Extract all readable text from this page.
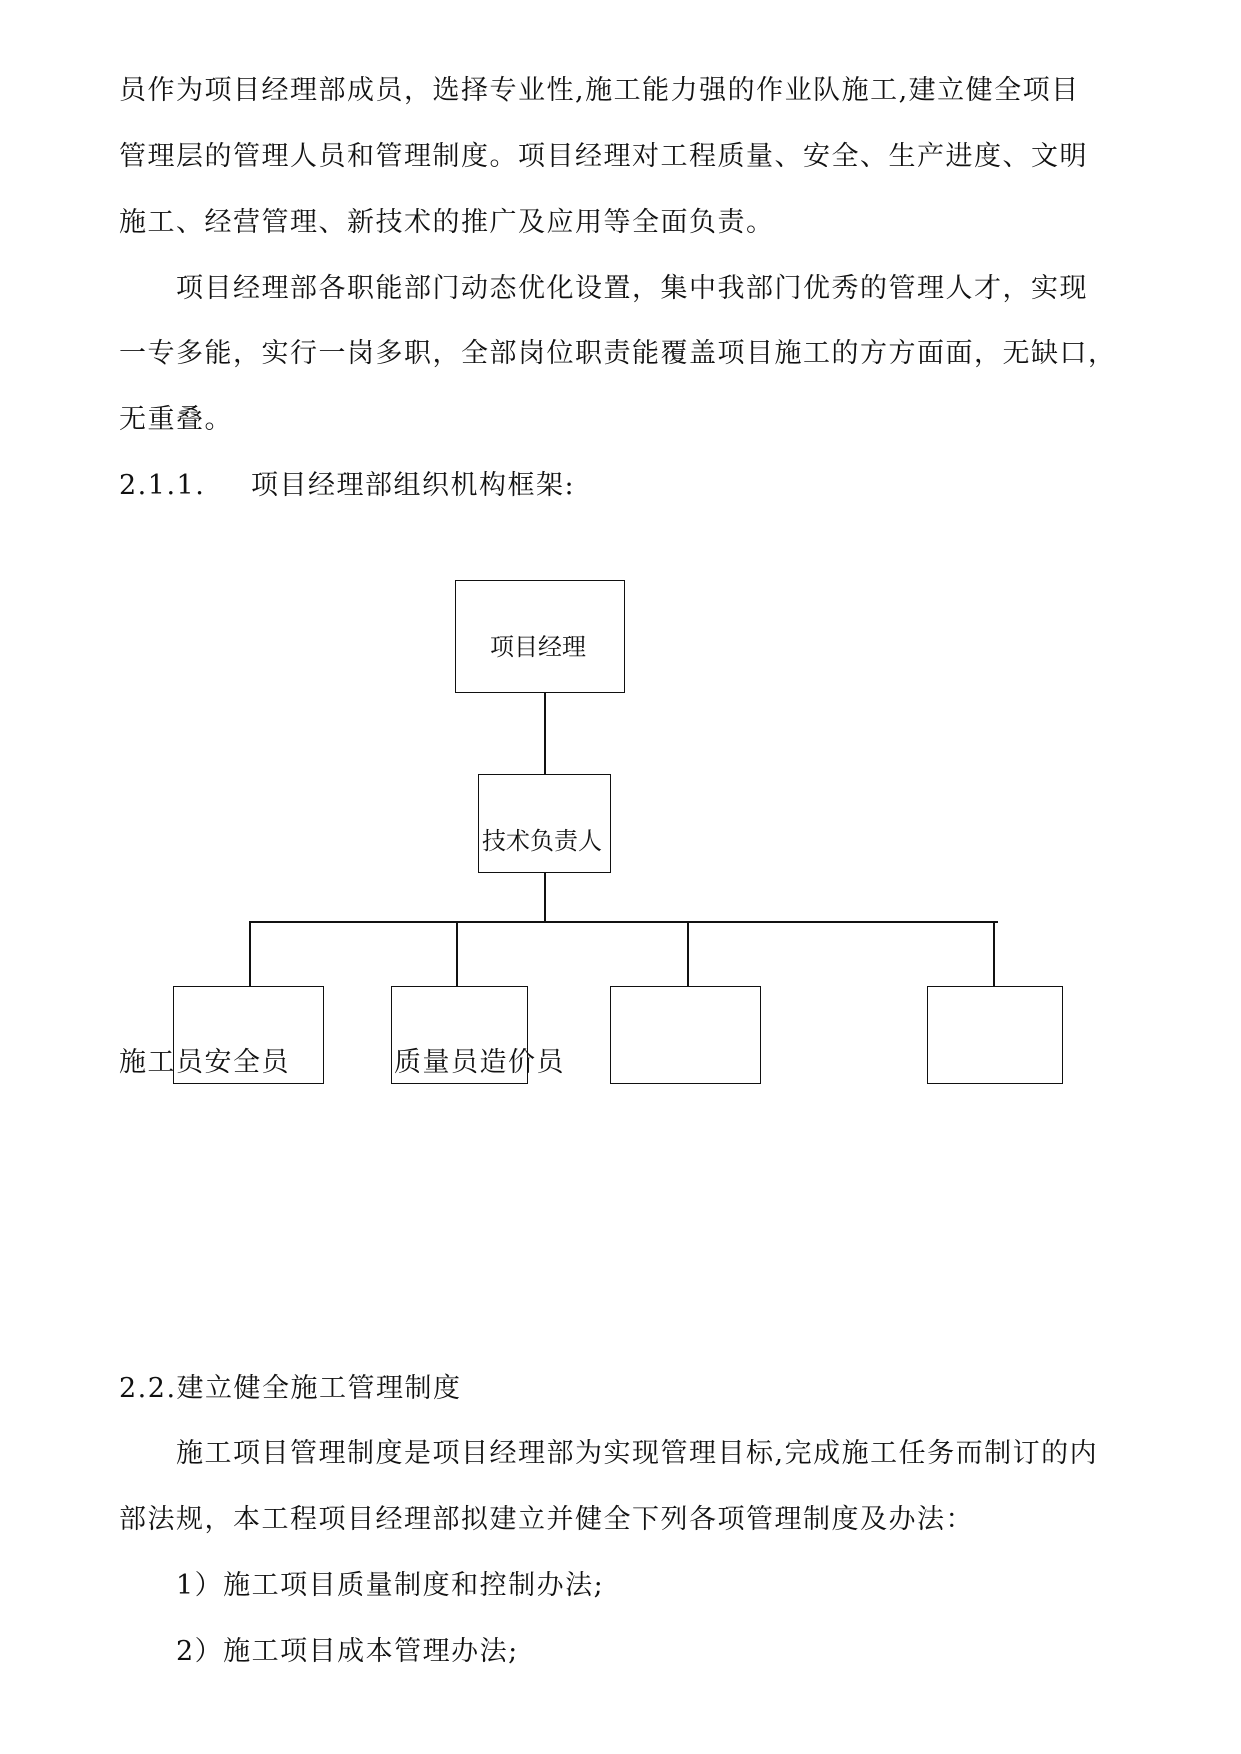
员作为项目经理部成员，选择专业性,施工能力强的作业队施工,建立健全项目
管理层的管理人员和管理制度。项目经理对工程质量、安全、生产进度、文明
施工、经营管理、新技术的推广及应用等全面负责。
项目经理部各职能部门动态优化设置，集中我部门优秀的管理人才，实现
一专多能，实行一岗多职，全部岗位职责能覆盖项目施工的方方面面，无缺口，
无重叠。
2.1.1. 项目经理部组织机构框架:
项目经理
技术负责人
施工员安全员	质量员造价员
2.2.建立健全施工管理制度
施工项目管理制度是项目经理部为实现管理目标,完成施工任务而制订的内
部法规，本工程项目经理部拟建立并健全下列各项管理制度及办法：
1）施工项目质量制度和控制办法;
2）施工项目成本管理办法;
